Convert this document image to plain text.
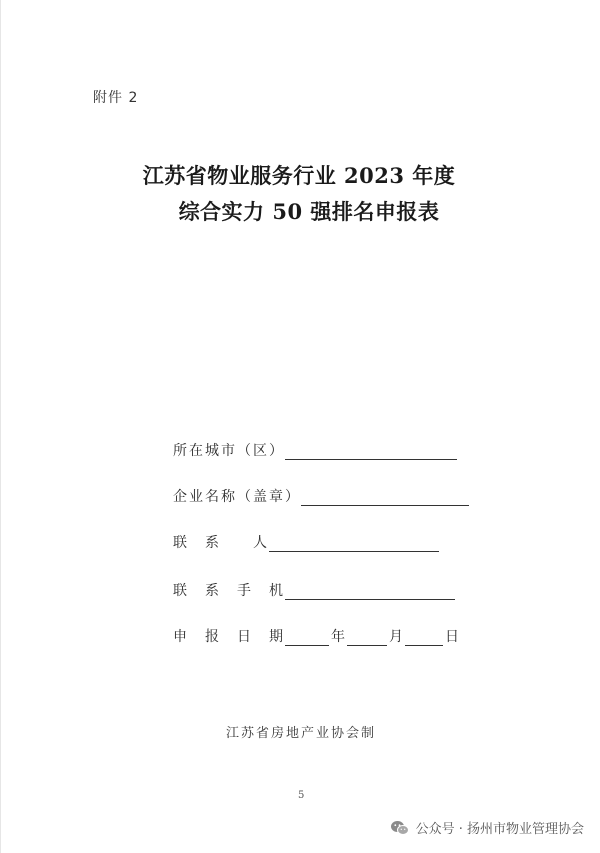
附件 2
江苏省物业服务行业 2023 年度
综合实力 50 强排名申报表
所在城市（区）
企业名称（盖章）
联　系　　人
联　系　手　机
申　报　日　期	年	月	日
江苏省房地产业协会制
5
公众号 · 扬州市物业管理协会
